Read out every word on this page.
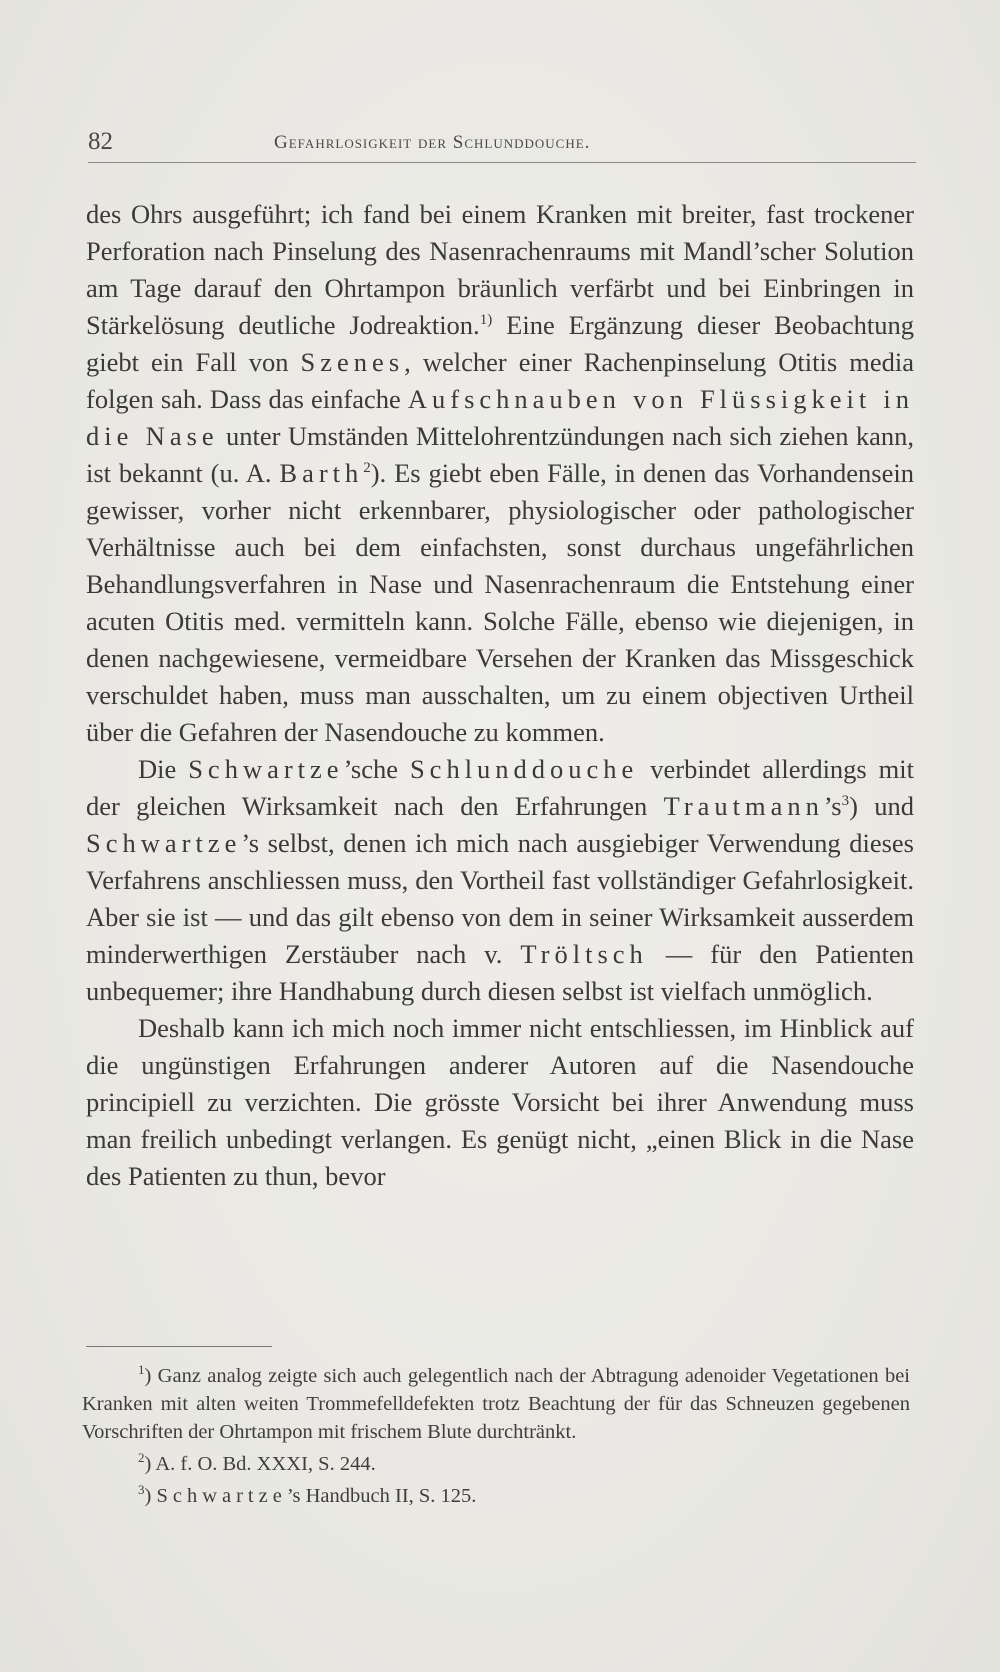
82	Gefahrlosigkeit der Schlunddouche.

des Ohrs ausgeführt; ich fand bei einem Kranken mit breiter, fast trockener Perforation nach Pinselung des Nasenrachenraums mit Mandl’scher Solution am Tage darauf den Ohrtampon bräunlich verfärbt und bei Einbringen in Stärkelösung deutliche Jodreaktion.$^{1)}$ Eine Ergänzung dieser Beobachtung giebt ein Fall von Szenes, welcher einer Rachenpinselung Otitis media folgen sah. Dass das einfache Aufschnauben von Flüssigkeit in die Nase unter Umständen Mittelohrentzündungen nach sich ziehen kann, ist bekannt (u. A. Barth$^2$). Es giebt eben Fälle, in denen das Vorhandensein gewisser, vorher nicht erkennbarer, physiologischer oder pathologischer Verhältnisse auch bei dem einfachsten, sonst durchaus ungefährlichen Behandlungsverfahren in Nase und Nasenrachenraum die Entstehung einer acuten Otitis med. vermitteln kann. Solche Fälle, ebenso wie diejenigen, in denen nachgewiesene, vermeidbare Versehen der Kranken das Missgeschick verschuldet haben, muss man ausschalten, um zu einem objectiven Urtheil über die Gefahren der Nasendouche zu kommen.

Die Schwartze’sche Schlunddouche verbindet allerdings mit der gleichen Wirksamkeit nach den Erfahrungen $Trautmann’s^3$) und Schwartze’s selbst, denen ich mich nach ausgiebiger Verwendung dieses Verfahrens anschliessen muss, den Vortheil fast vollständiger Gefahrlosigkeit. Aber sie ist — und das gilt ebenso von dem in seiner Wirksamkeit ausserdem minderwerthigen Zerstäuber nach v. Tröltsch — für den Patienten unbequemer; ihre Handhabung durch diesen selbst ist vielfach unmöglich.

Deshalb kann ich mich noch immer nicht entschliessen, im Hinblick auf die ungünstigen Erfahrungen anderer Autoren auf die Nasendouche principiell zu verzichten. Die grösste Vorsicht bei ihrer Anwendung muss man freilich unbedingt verlangen. Es genügt nicht, „einen Blick in die Nase des Patienten zu thun, bevor

$^1$) Ganz analog zeigte sich auch gelegentlich nach der Abtragung adenoider Vegetationen bei Kranken mit alten weiten Trommefelldefekten trotz Beachtung der für das Schneuzen gegebenen Vorschriften der Ohrtampon mit frischem Blute durchtränkt.

$^2$) A. f. O. Bd. XXXI, S. 244.

$^3$) Schwartze’s Handbuch II, S. 125.
